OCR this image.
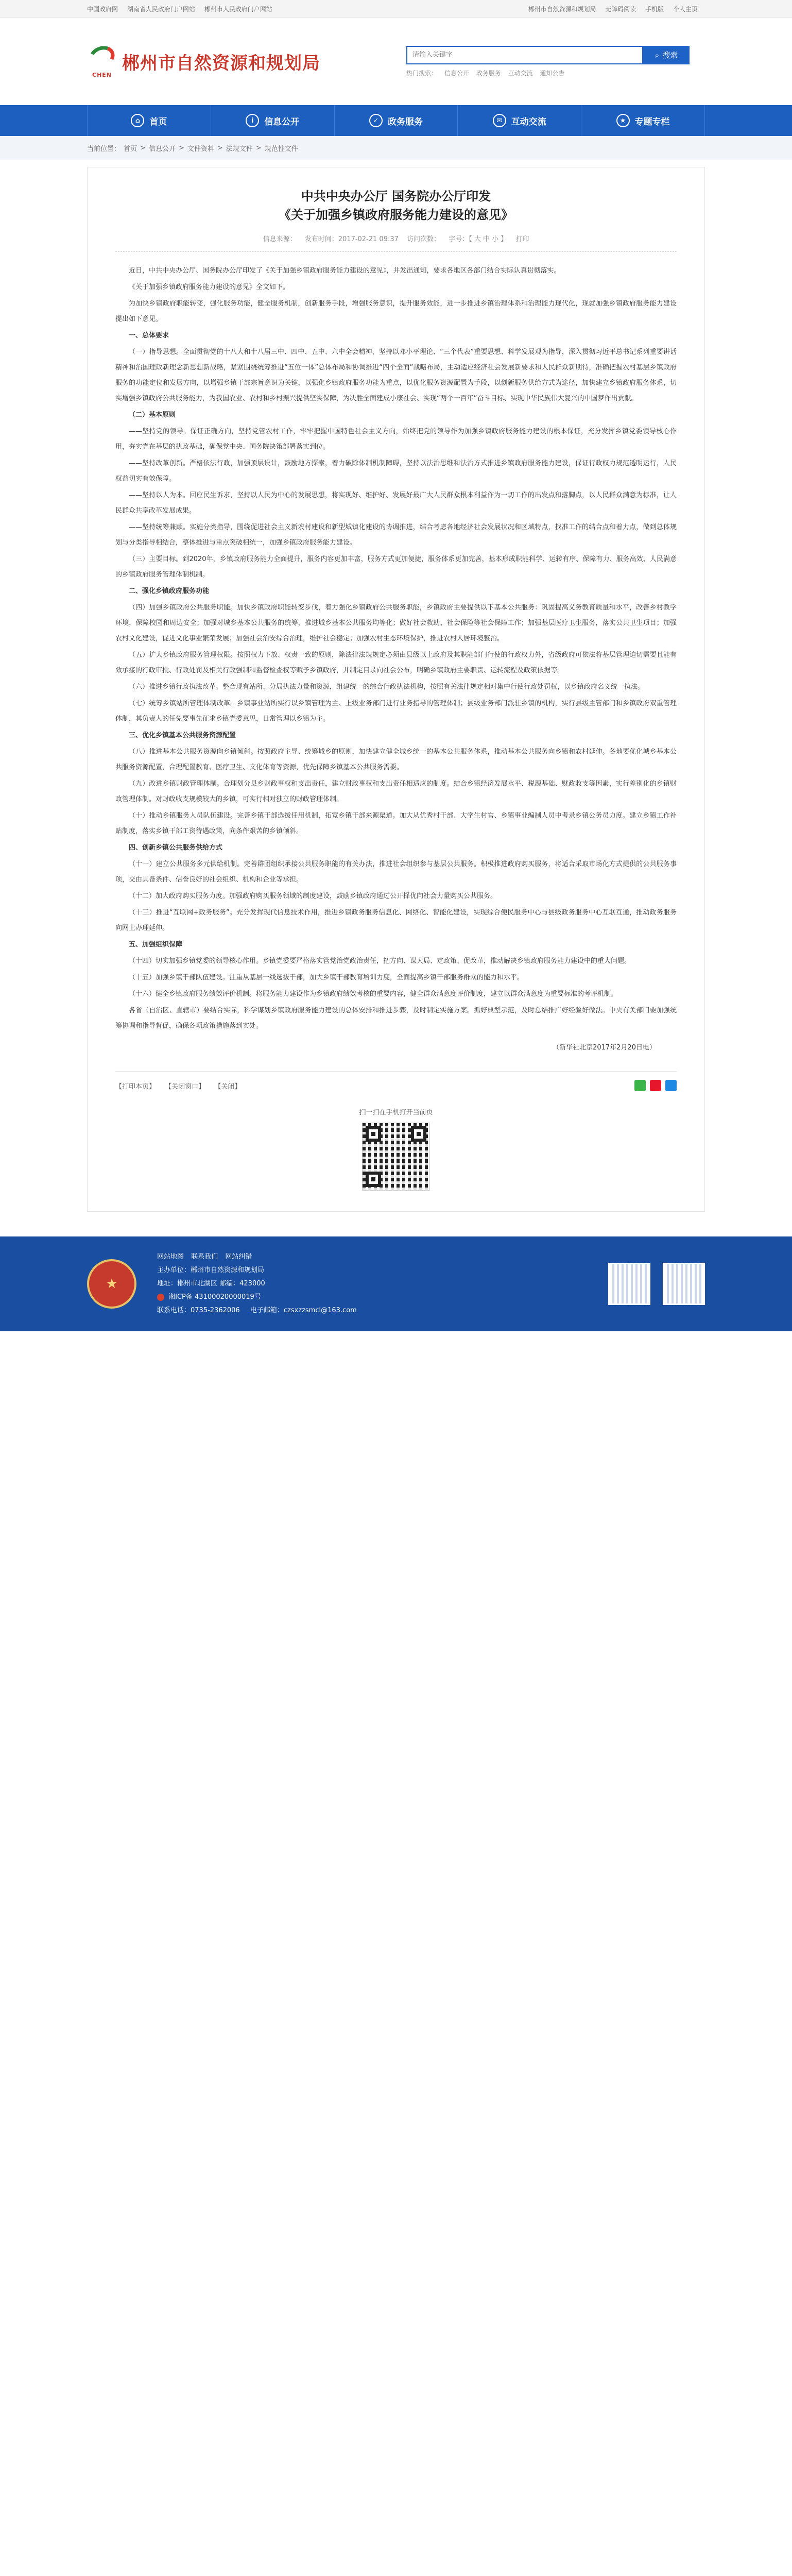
中国政府网 湖南省人民政府门户网站 郴州市人民政府门户网站	郴州市自然资源和规划局 无障碍阅读 手机版 个人主页
CHEN
郴州市自然资源和规划局
请输入关键字	⌕ 搜索
热门搜索： 信息公开 政务服务 互动交流 通知公告
⌂	首页	i	信息公开	✓	政务服务	✉	互动交流	★	专题专栏
当前位置： 首页 > 信息公开 > 文件资料 > 法规文件 > 规范性文件
中共中央办公厅 国务院办公厅印发
《关于加强乡镇政府服务能力建设的意见》
信息来源： 发布时间：2017-02-21 09:37 访问次数： 字号：【 大 中 小 】 打印

近日，中共中央办公厅、国务院办公厅印发了《关于加强乡镇政府服务能力建设的意见》，并发出通知，要求各地区各部门结合实际认真贯彻落实。

《关于加强乡镇政府服务能力建设的意见》全文如下。

为加快乡镇政府职能转变，强化服务功能，健全服务机制，创新服务手段，增强服务意识，提升服务效能，进一步推进乡镇治理体系和治理能力现代化，现就加强乡镇政府服务能力建设提出如下意见。

一、总体要求

（一）指导思想。全面贯彻党的十八大和十八届三中、四中、五中、六中全会精神，坚持以邓小平理论、“三个代表”重要思想、科学发展观为指导，深入贯彻习近平总书记系列重要讲话精神和治国理政新理念新思想新战略，紧紧围绕统筹推进“五位一体”总体布局和协调推进“四个全面”战略布局，主动适应经济社会发展新要求和人民群众新期待，准确把握农村基层乡镇政府服务的功能定位和发展方向，以增强乡镇干部宗旨意识为关键，以强化乡镇政府服务功能为重点，以优化服务资源配置为手段，以创新服务供给方式为途径，加快建立乡镇政府服务体系，切实增强乡镇政府公共服务能力，为我国农业、农村和乡村振兴提供坚实保障，为决胜全面建成小康社会、实现“两个一百年”奋斗目标、实现中华民族伟大复兴的中国梦作出贡献。

（二）基本原则

——坚持党的领导。保证正确方向，坚持党管农村工作，牢牢把握中国特色社会主义方向，始终把党的领导作为加强乡镇政府服务能力建设的根本保证，充分发挥乡镇党委领导核心作用，夯实党在基层的执政基础，确保党中央、国务院决策部署落实到位。

——坚持改革创新。严格依法行政，加强顶层设计，鼓励地方探索，着力破除体制机制障碍，坚持以法治思维和法治方式推进乡镇政府服务能力建设，保证行政权力规范透明运行，人民权益切实有效保障。

——坚持以人为本。回应民生诉求，坚持以人民为中心的发展思想，将实现好、维护好、发展好最广大人民群众根本利益作为一切工作的出发点和落脚点，以人民群众满意为标准，让人民群众共享改革发展成果。

——坚持统筹兼顾。实施分类指导，围绕促进社会主义新农村建设和新型城镇化建设的协调推进，结合考虑各地经济社会发展状况和区域特点，找准工作的结合点和着力点，做到总体规划与分类指导相结合，整体推进与重点突破相统一，加强乡镇政府服务能力建设。

（三）主要目标。到2020年，乡镇政府服务能力全面提升，服务内容更加丰富，服务方式更加便捷，服务体系更加完善，基本形成职能科学、运转有序、保障有力、服务高效、人民满意的乡镇政府服务管理体制机制。

二、强化乡镇政府服务功能

（四）加强乡镇政府公共服务职能。加快乡镇政府职能转变步伐，着力强化乡镇政府公共服务职能，乡镇政府主要提供以下基本公共服务：巩固提高义务教育质量和水平，改善乡村教学环境，保障校园和周边安全；加强对城乡基本公共服务的统筹，推进城乡基本公共服务均等化；做好社会救助、社会保险等社会保障工作；加强基层医疗卫生服务，落实公共卫生项目；加强农村文化建设，促进文化事业繁荣发展；加强社会治安综合治理，维护社会稳定；加强农村生态环境保护，推进农村人居环境整治。

（五）扩大乡镇政府服务管理权限。按照权力下放、权责一致的原则，除法律法规规定必须由县级以上政府及其职能部门行使的行政权力外，省级政府可依法将基层管理迫切需要且能有效承接的行政审批、行政处罚及相关行政强制和监督检查权等赋予乡镇政府，并制定目录向社会公布，明确乡镇政府主要职责、运转流程及政策依据等。

（六）推进乡镇行政执法改革。整合现有站所、分局执法力量和资源，组建统一的综合行政执法机构，按照有关法律规定相对集中行使行政处罚权，以乡镇政府名义统一执法。

（七）统筹乡镇站所管理体制改革。乡镇事业站所实行以乡镇管理为主、上级业务部门进行业务指导的管理体制；县级业务部门派驻乡镇的机构，实行县级主管部门和乡镇政府双重管理体制，其负责人的任免要事先征求乡镇党委意见，日常管理以乡镇为主。

三、优化乡镇基本公共服务资源配置

（八）推进基本公共服务资源向乡镇倾斜。按照政府主导、统筹城乡的原则，加快建立健全城乡统一的基本公共服务体系，推动基本公共服务向乡镇和农村延伸。各地要优化城乡基本公共服务资源配置，合理配置教育、医疗卫生、文化体育等资源，优先保障乡镇基本公共服务需要。

（九）改进乡镇财政管理体制。合理划分县乡财政事权和支出责任，建立财政事权和支出责任相适应的制度。结合乡镇经济发展水平、税源基础、财政收支等因素，实行差别化的乡镇财政管理体制。对财政收支规模较大的乡镇，可实行相对独立的财政管理体制。

（十）推动乡镇服务人员队伍建设。完善乡镇干部选拔任用机制，拓宽乡镇干部来源渠道。加大从优秀村干部、大学生村官、乡镇事业编制人员中考录乡镇公务员力度。建立乡镇工作补贴制度，落实乡镇干部工资待遇政策，向条件艰苦的乡镇倾斜。

四、创新乡镇公共服务供给方式

（十一）建立公共服务多元供给机制。完善群团组织承接公共服务职能的有关办法，推进社会组织参与基层公共服务。积极推进政府购买服务，将适合采取市场化方式提供的公共服务事项，交由具备条件、信誉良好的社会组织、机构和企业等承担。

（十二）加大政府购买服务力度。加强政府购买服务领域的制度建设，鼓励乡镇政府通过公开择优向社会力量购买公共服务。

（十三）推进“互联网+政务服务”。充分发挥现代信息技术作用，推进乡镇政务服务信息化、网络化、智能化建设，实现综合便民服务中心与县级政务服务中心互联互通，推动政务服务向网上办理延伸。

五、加强组织保障

（十四）切实加强乡镇党委的领导核心作用。乡镇党委要严格落实管党治党政治责任，把方向、谋大局、定政策、促改革，推动解决乡镇政府服务能力建设中的重大问题。

（十五）加强乡镇干部队伍建设。注重从基层一线选拔干部，加大乡镇干部教育培训力度，全面提高乡镇干部服务群众的能力和水平。

（十六）健全乡镇政府服务绩效评价机制。将服务能力建设作为乡镇政府绩效考核的重要内容，健全群众满意度评价制度，建立以群众满意度为重要标准的考评机制。

各省（自治区、直辖市）要结合实际，科学谋划乡镇政府服务能力建设的总体安排和推进步骤，及时制定实施方案。抓好典型示范，及时总结推广好经验好做法。中央有关部门要加强统筹协调和指导督促，确保各项政策措施落到实处。

（新华社北京2017年2月20日电）

【打印本页】 【关闭窗口】 【关闭】
扫一扫在手机打开当前页
★
网站地图 联系我们 网站纠错
主办单位：郴州市自然资源和规划局
地址：郴州市北湖区 邮编：423000
湘ICP备 43100020000019号
联系电话：0735-2362006 电子邮箱：czsxzzsmcl@163.com
